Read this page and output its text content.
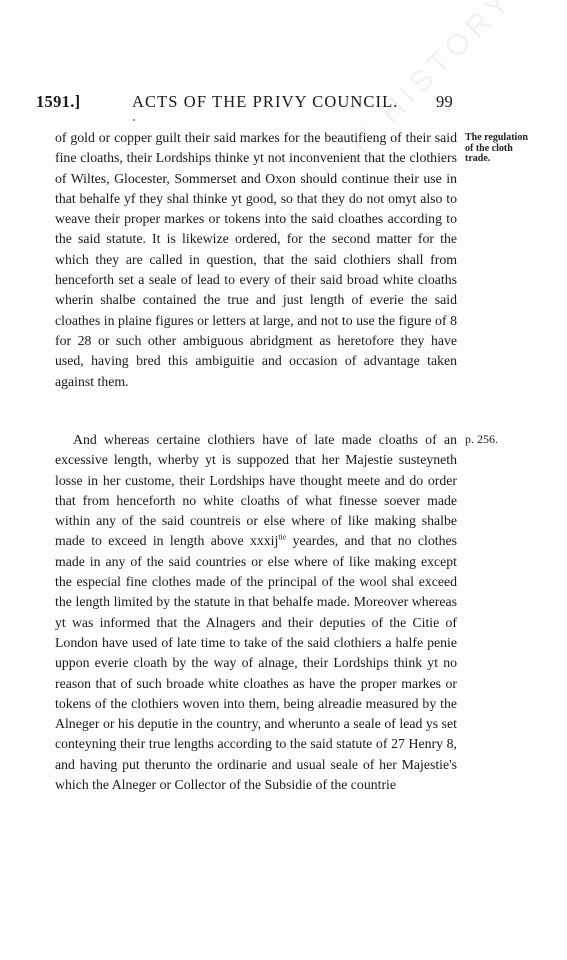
1591.]	ACTS OF THE PRIVY COUNCIL. 99
of gold or copper guilt their said markes for the beautifieng of their said fine cloaths, their Lordships thinke yt not inconvenient that the clothiers of Wiltes, Glocester, Sommerset and Oxon should continue their use in that behalfe yf they shal thinke yt good, so that they do not omyt also to weave their proper markes or tokens into the said cloathes according to the said statute. It is likewize ordered, for the second matter for the which they are called in question, that the said clothiers shall from henceforth set a seale of lead to every of their said broad white cloaths wherin shalbe contained the true and just length of everie the said cloathes in plaine figures or letters at large, and not to use the figure of 8 for 28 or such other ambiguous abridgment as heretofore they have used, having bred this ambiguitie and occasion of advantage taken against them.
The regulation of the cloth trade.
And whereas certaine clothiers have of late made cloaths of an excessive length, wherby yt is suppozed that her Majestie susteyneth losse in her custome, their Lordships have thought meete and do order that from henceforth no white cloaths of what finesse soever made within any of the said countreis or else where of like making shalbe made to exceed in length above xxxij$^{tie}$ yeardes, and that no clothes made in any of the said countries or else where of like making except the especial fine clothes made of the principal of the wool shal exceed the length limited by the statute in that behalfe made. Moreover whereas yt was informed that the Alnagers and their deputies of the Citie of London have used of late time to take of the said clothiers a halfe penie uppon everie cloath by the way of alnage, their Lordships think yt no reason that of such broade white cloathes as have the proper markes or tokens of the clothiers woven into them, being alreadie measured by the Alneger or his deputie in the country, and wherunto a seale of lead ys set conteyning their true lengths according to the said statute of 27 Henry 8, and having put therunto the ordinarie and usual seale of her Majestie's which the Alneger or Collector of the Subsidie of the countrie
p. 256.
